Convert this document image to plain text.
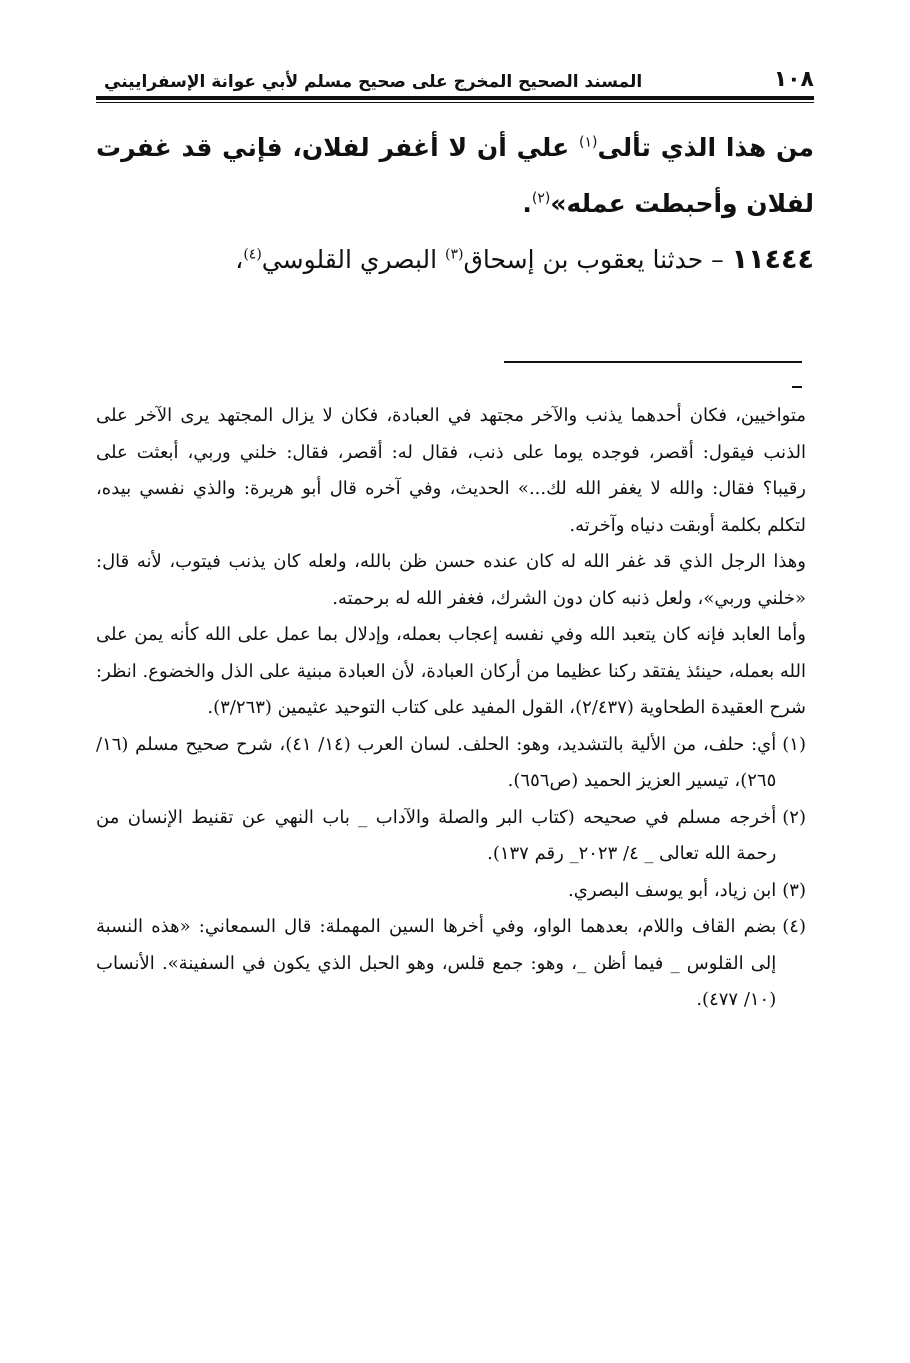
١٠٨
المسند الصحيح المخرج على صحيح مسلم لأبي عوانة الإسفراييني

من هذا الذي تألى$^{(١)}$ علي أن لا أغفر لفلان، فإني قد غفرت لفلان وأحبطت عمله»$^{(٢)}$.

١١٤٤٤ – حدثنا يعقوب بن إسحاق$^{(٣)}$ البصري القلوسي$^{(٤)}$،

متواخيين، فكان أحدهما يذنب والآخر مجتهد في العبادة، فكان لا يزال المجتهد يرى الآخر على الذنب فيقول: أقصر، فوجده يوما على ذنب، فقال له: أقصر، فقال: خلني وربي، أبعثت على رقيبا؟ فقال: والله لا يغفر الله لك...» الحديث، وفي آخره قال أبو هريرة: والذي نفسي بيده، لتكلم بكلمة أوبقت دنياه وآخرته.

وهذا الرجل الذي قد غفر الله له كان عنده حسن ظن بالله، ولعله كان يذنب فيتوب، لأنه قال: «خلني وربي»، ولعل ذنبه كان دون الشرك، فغفر الله له برحمته.

وأما العابد فإنه كان يتعبد الله وفي نفسه إعجاب بعمله، وإدلال بما عمل على الله كأنه يمن على الله بعمله، حينئذ يفتقد ركنا عظيما من أركان العبادة، لأن العبادة مبنية على الذل والخضوع. انظر: شرح العقيدة الطحاوية (٢/٤٣٧)، القول المفيد على كتاب التوحيد عثيمين (٣/٢٦٣).

(١)
أي: حلف، من الألية بالتشديد، وهو: الحلف. لسان العرب (١٤/ ٤١)، شرح صحيح مسلم (١٦/ ٢٦٥)، تيسير العزيز الحميد (ص٦٥٦).
(٢)
أخرجه مسلم في صحيحه (كتاب البر والصلة والآداب _ باب النهي عن تقنيط الإنسان من رحمة الله تعالى _ ٤/ ٢٠٢٣_ رقم ١٣٧).
(٣)
ابن زياد، أبو يوسف البصري.
(٤)
بضم القاف واللام، بعدهما الواو، وفي أخرها السين المهملة: قال السمعاني: «هذه النسبة إلى القلوس _ فيما أظن _، وهو: جمع قلس، وهو الحبل الذي يكون في السفينة». الأنساب (١٠/ ٤٧٧).
